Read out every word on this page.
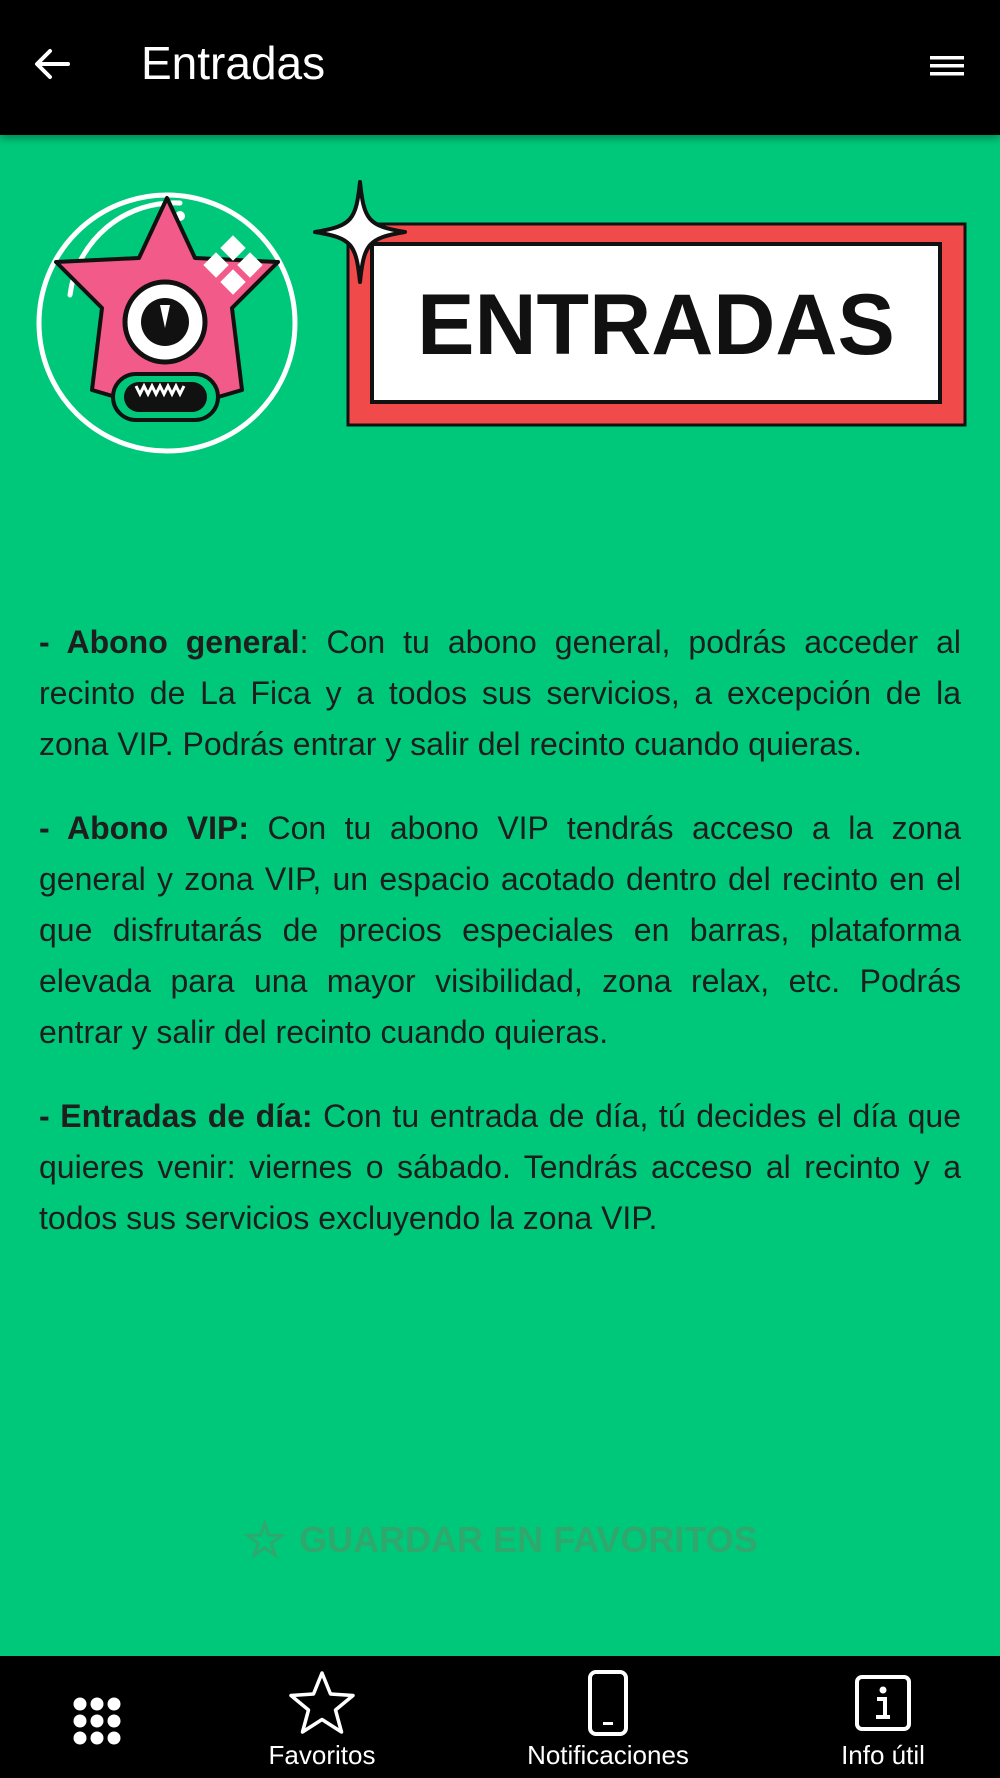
Entradas
ENTRADAS

- Abono general: Con tu abono general, podrás acceder al recinto de La Fica y a todos sus servicios, a excepción de la zona VIP. Podrás entrar y salir del recinto cuando quieras.

- Abono VIP: Con tu abono VIP tendrás acceso a la zona general y zona VIP, un espacio acotado dentro del recinto en el que disfrutarás de precios especiales en barras, plataforma elevada para una mayor visibilidad, zona relax, etc. Podrás entrar y salir del recinto cuando quieras.

- Entradas de día: Con tu entrada de día, tú decides el día que quieres venir: viernes o sábado. Tendrás acceso al recinto y a todos sus servicios excluyendo la zona VIP.

☆ GUARDAR EN FAVORITOS
Favoritos	Notificaciones	Info útil
